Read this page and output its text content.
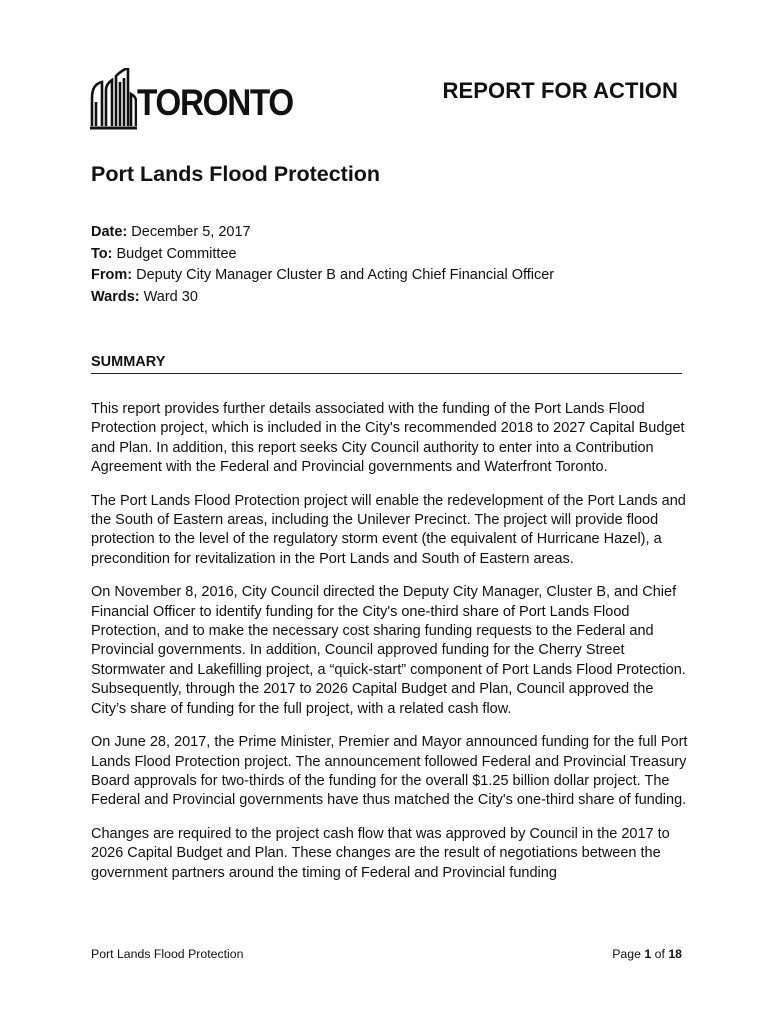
TORONTO	REPORT FOR ACTION
Port Lands Flood Protection
Date: December 5, 2017
To: Budget Committee
From: Deputy City Manager Cluster B and Acting Chief Financial Officer
Wards: Ward 30
SUMMARY

This report provides further details associated with the funding of the Port Lands Flood Protection project, which is included in the City's recommended 2018 to 2027 Capital Budget and Plan. In addition, this report seeks City Council authority to enter into a Contribution Agreement with the Federal and Provincial governments and Waterfront Toronto.

The Port Lands Flood Protection project will enable the redevelopment of the Port Lands and the South of Eastern areas, including the Unilever Precinct. The project will provide flood protection to the level of the regulatory storm event (the equivalent of Hurricane Hazel), a precondition for revitalization in the Port Lands and South of Eastern areas.

On November 8, 2016, City Council directed the Deputy City Manager, Cluster B, and Chief Financial Officer to identify funding for the City's one-third share of Port Lands Flood Protection, and to make the necessary cost sharing funding requests to the Federal and Provincial governments. In addition, Council approved funding for the Cherry Street Stormwater and Lakefilling project, a “quick-start” component of Port Lands Flood Protection. Subsequently, through the 2017 to 2026 Capital Budget and Plan, Council approved the City’s share of funding for the full project, with a related cash flow.

On June 28, 2017, the Prime Minister, Premier and Mayor announced funding for the full Port Lands Flood Protection project. The announcement followed Federal and Provincial Treasury Board approvals for two-thirds of the funding for the overall $1.25 billion dollar project. The Federal and Provincial governments have thus matched the City's one-third share of funding.

Changes are required to the project cash flow that was approved by Council in the 2017 to 2026 Capital Budget and Plan. These changes are the result of negotiations between the government partners around the timing of Federal and Provincial funding

Port Lands Flood Protection	Page 1 of 18
